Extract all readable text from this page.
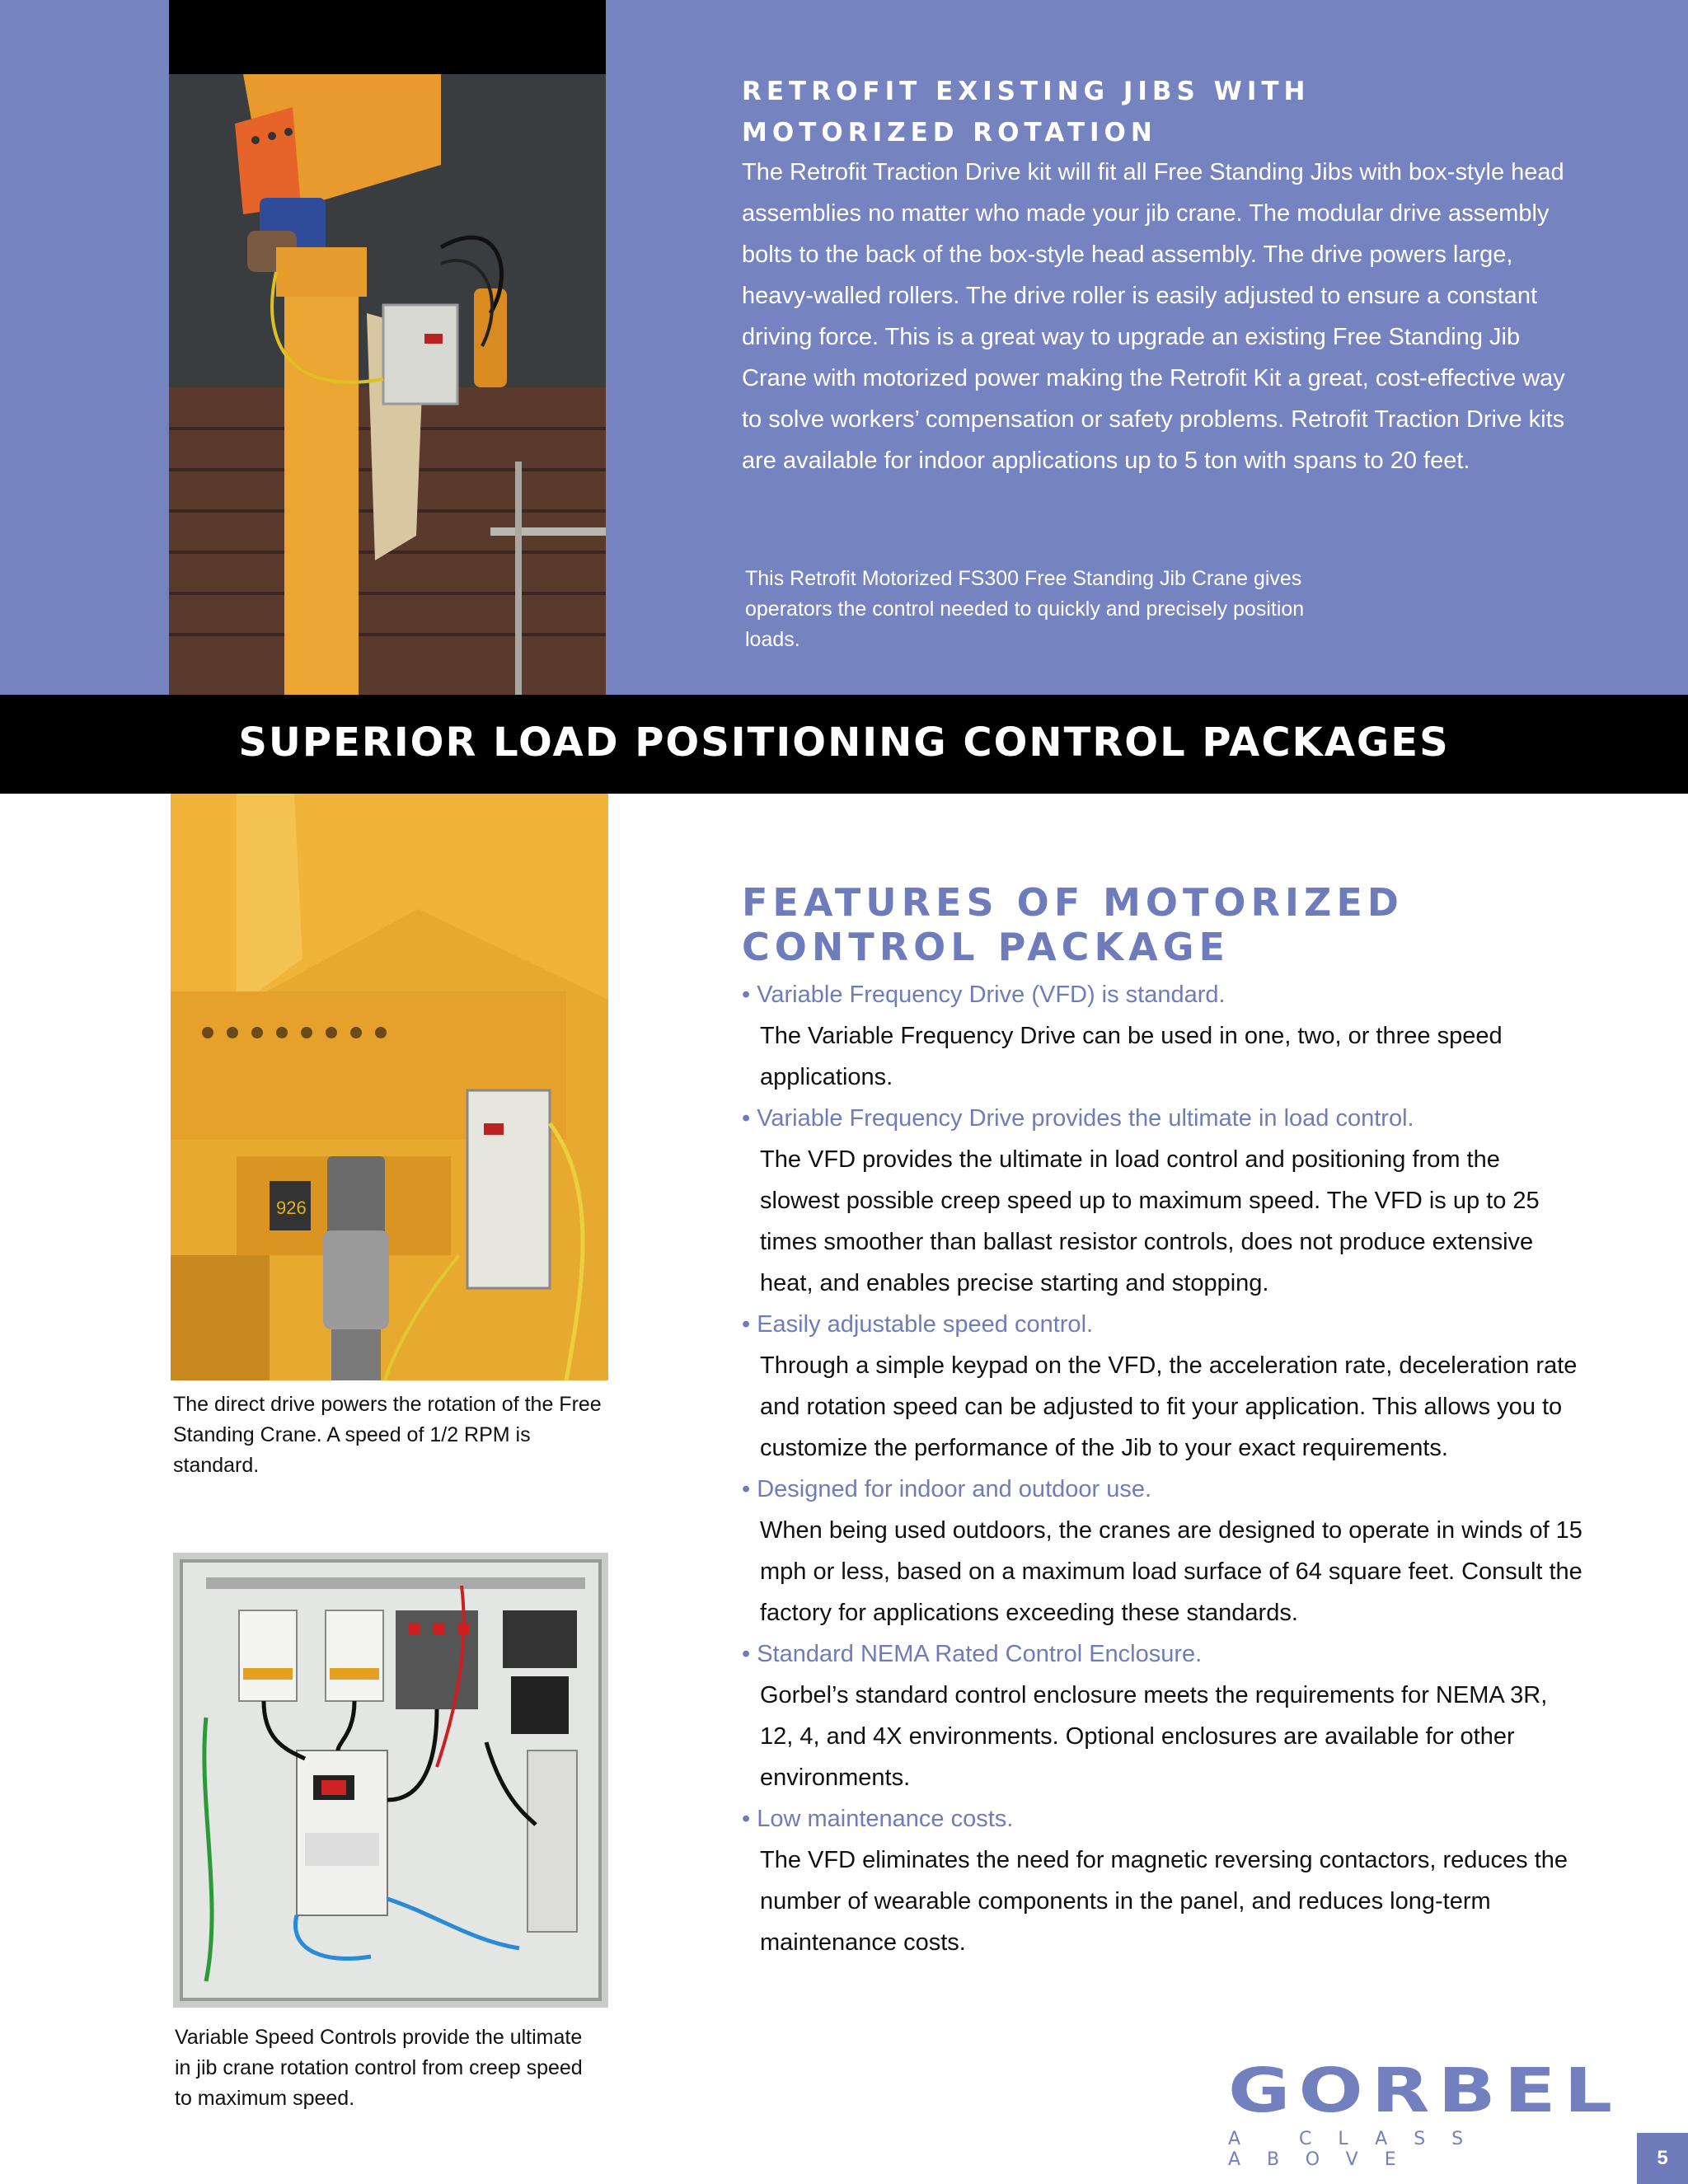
RETROFIT EXISTING JIBS WITH
MOTORIZED ROTATION

The Retrofit Traction Drive kit will fit all Free Standing Jibs with box-style head assemblies no matter who made your jib crane. The modular drive assembly bolts to the back of the box-style head assembly. The drive powers large, heavy-walled rollers. The drive roller is easily adjusted to ensure a constant driving force. This is a great way to upgrade an existing Free Standing Jib Crane with motorized power making the Retrofit Kit a great, cost-effective way to solve workers’ compensation or safety problems. Retrofit Traction Drive kits are available for indoor applications up to 5 ton with spans to 20 feet.

This Retrofit Motorized FS300 Free Standing Jib Crane gives operators the control needed to quickly and precisely position loads.

SUPERIOR LOAD POSITIONING CONTROL PACKAGES
926

The direct drive powers the rotation of the Free Standing Crane. A speed of 1/2 RPM is standard.

Variable Speed Controls provide the ultimate in jib crane rotation control from creep speed to maximum speed.

FEATURES OF MOTORIZED
CONTROL PACKAGE

• Variable Frequency Drive (VFD) is standard.

The Variable Frequency Drive can be used in one, two, or three speed applications.

• Variable Frequency Drive provides the ultimate in load control.

The VFD provides the ultimate in load control and positioning from the slowest possible creep speed up to maximum speed. The VFD is up to 25 times smoother than ballast resistor controls, does not produce extensive heat, and enables precise starting and stopping.

• Easily adjustable speed control.

Through a simple keypad on the VFD, the acceleration rate, deceleration rate and rotation speed can be adjusted to fit your application. This allows you to customize the performance of the Jib to your exact requirements.

• Designed for indoor and outdoor use.

When being used outdoors, the cranes are designed to operate in winds of 15 mph or less, based on a maximum load surface of 64 square feet. Consult the factory for applications exceeding these standards.

• Standard NEMA Rated Control Enclosure.

Gorbel’s standard control enclosure meets the requirements for NEMA 3R, 12, 4, and 4X environments. Optional enclosures are available for other environments.

• Low maintenance costs.

The VFD eliminates the need for magnetic reversing contactors, reduces the number of wearable components in the panel, and reduces long-term maintenance costs.

GORBEL
A CLASS ABOVE	5
